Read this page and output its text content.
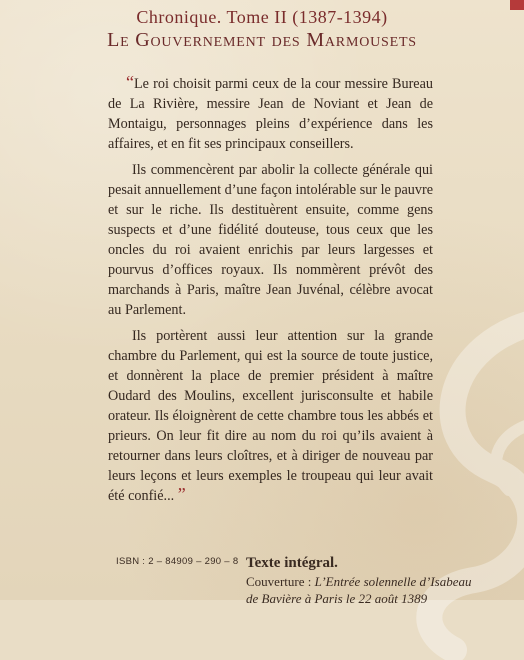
Chronique. Tome II (1387-1394)
Le Gouvernement des Marmousets

“Le roi choisit parmi ceux de la cour messire Bureau de La Rivière, messire Jean de Noviant et Jean de Montaigu, personnages pleins d’expérience dans les affaires, et en fit ses principaux conseillers.

Ils commencèrent par abolir la collecte générale qui pesait annuellement d’une façon intolérable sur le pauvre et sur le riche. Ils destituèrent ensuite, comme gens suspects et d’une fidélité douteuse, tous ceux que les oncles du roi avaient enrichis par leurs largesses et pourvus d’offices royaux. Ils nommèrent prévôt des marchands à Paris, maître Jean Juvénal, célèbre avocat au Parlement.

Ils portèrent aussi leur attention sur la grande chambre du Parlement, qui est la source de toute justice, et donnèrent la place de premier président à maître Oudard des Moulins, excellent jurisconsulte et habile orateur. Ils éloignèrent de cette chambre tous les abbés et prieurs. On leur fit dire au nom du roi qu’ils avaient à retourner dans leurs cloîtres, et à diriger de nouveau par leurs leçons et leurs exemples le troupeau qui leur avait été confié... ”

ISBN : 2 – 84909 – 290 – 8 Texte intégral.
Couverture : L’Entrée solennelle d’Isabeau
de Bavière à Paris le 22 août 1389
